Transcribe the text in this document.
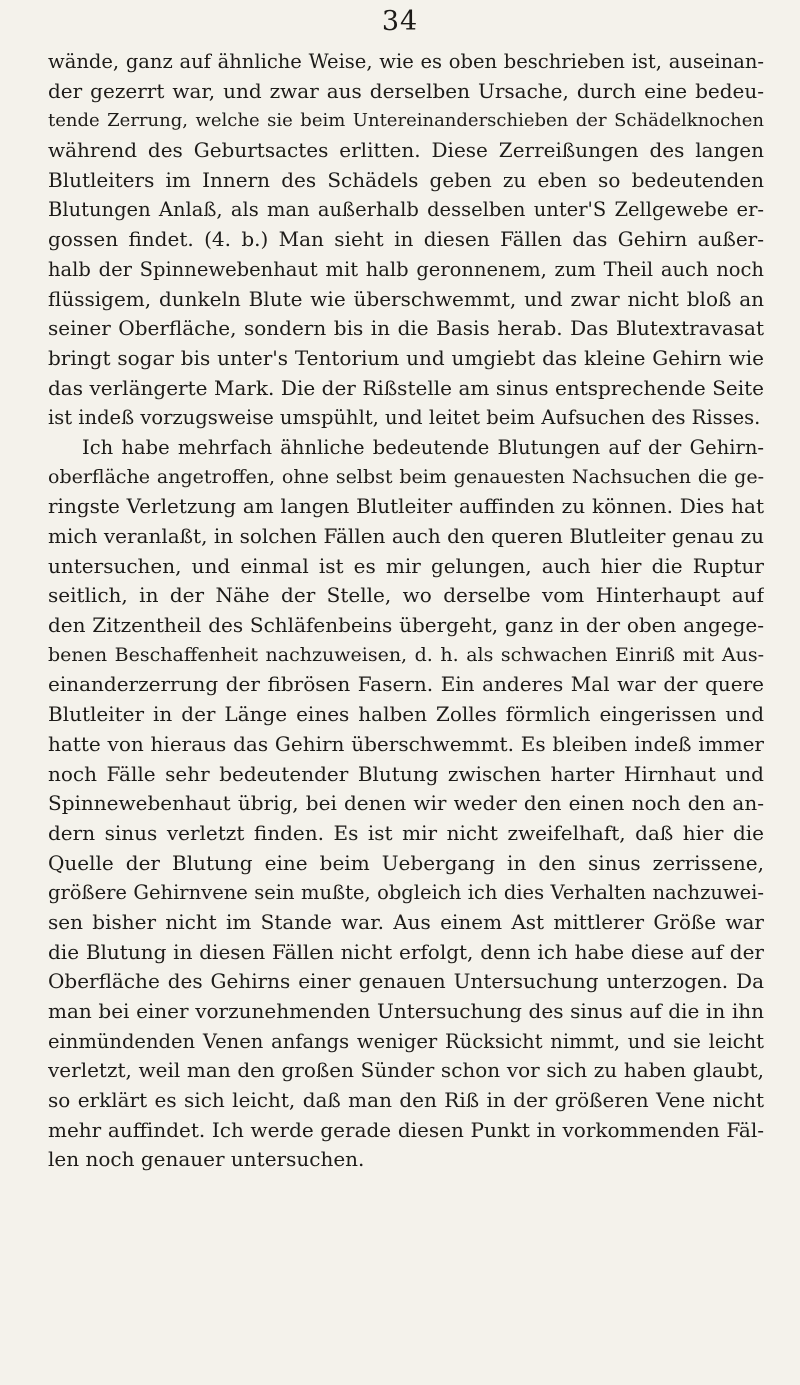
34
wände, ganz auf ähnliche Weise, wie es oben beschrieben ist, auseinan-
der gezerrt war, und zwar aus derselben Ursache, durch eine bedeu-
tende Zerrung, welche sie beim Untereinanderschieben der Schädelknochen
während des Geburtsactes erlitten. Diese Zerreißungen des langen
Blutleiters im Innern des Schädels geben zu eben so bedeutenden
Blutungen Anlaß, als man außerhalb desselben unter'S Zellgewebe er-
gossen findet. (4. b.) Man sieht in diesen Fällen das Gehirn außer-
halb der Spinnewebenhaut mit halb geronnenem, zum Theil auch noch
flüssigem, dunkeln Blute wie überschwemmt, und zwar nicht bloß an
seiner Oberfläche, sondern bis in die Basis herab. Das Blutextravasat
bringt sogar bis unter's Tentorium und umgiebt das kleine Gehirn wie
das verlängerte Mark. Die der Rißstelle am sinus entsprechende Seite
ist indeß vorzugsweise umspühlt, und leitet beim Aufsuchen des Risses.
Ich habe mehrfach ähnliche bedeutende Blutungen auf der Gehirn-
oberfläche angetroffen, ohne selbst beim genauesten Nachsuchen die ge-
ringste Verletzung am langen Blutleiter auffinden zu können. Dies hat
mich veranlaßt, in solchen Fällen auch den queren Blutleiter genau zu
untersuchen, und einmal ist es mir gelungen, auch hier die Ruptur
seitlich, in der Nähe der Stelle, wo derselbe vom Hinterhaupt auf
den Zitzentheil des Schläfenbeins übergeht, ganz in der oben angege-
benen Beschaffenheit nachzuweisen, d. h. als schwachen Einriß mit Aus-
einanderzerrung der fibrösen Fasern. Ein anderes Mal war der quere
Blutleiter in der Länge eines halben Zolles förmlich eingerissen und
hatte von hieraus das Gehirn überschwemmt. Es bleiben indeß immer
noch Fälle sehr bedeutender Blutung zwischen harter Hirnhaut und
Spinnewebenhaut übrig, bei denen wir weder den einen noch den an-
dern sinus verletzt finden. Es ist mir nicht zweifelhaft, daß hier die
Quelle der Blutung eine beim Uebergang in den sinus zerrissene,
größere Gehirnvene sein mußte, obgleich ich dies Verhalten nachzuwei-
sen bisher nicht im Stande war. Aus einem Ast mittlerer Größe war
die Blutung in diesen Fällen nicht erfolgt, denn ich habe diese auf der
Oberfläche des Gehirns einer genauen Untersuchung unterzogen. Da
man bei einer vorzunehmenden Untersuchung des sinus auf die in ihn
einmündenden Venen anfangs weniger Rücksicht nimmt, und sie leicht
verletzt, weil man den großen Sünder schon vor sich zu haben glaubt,
so erklärt es sich leicht, daß man den Riß in der größeren Vene nicht
mehr auffindet. Ich werde gerade diesen Punkt in vorkommenden Fäl-
len noch genauer untersuchen.
